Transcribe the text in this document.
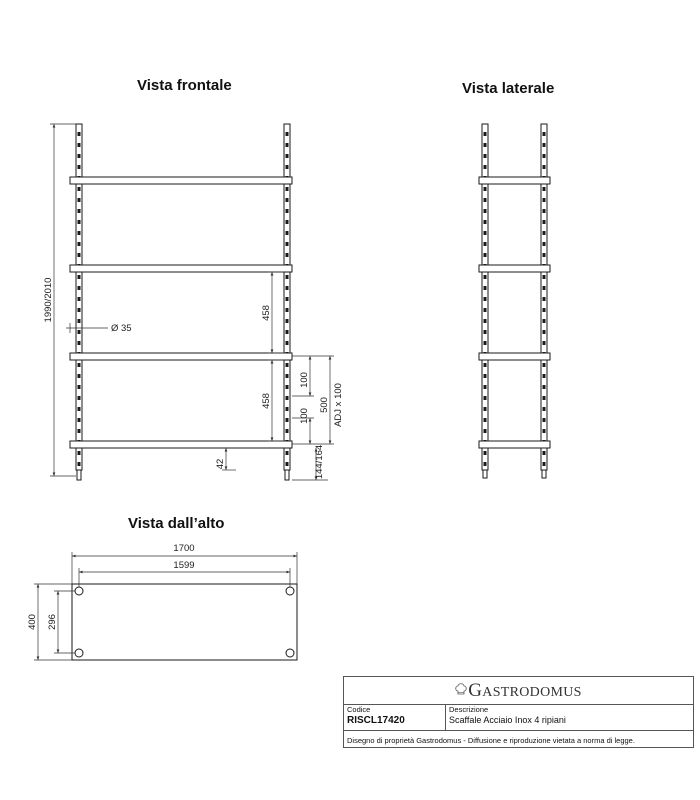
Vista frontale	Vista laterale
Vista dall’alto
1990/2010
Ø 35
458
458
42
100
100
500 ADJ x 100
144/164
1700
1599
400 296
GASTRODOMUS
Codice
RISCL17420
Descrizione
Scaffale Acciaio Inox 4 ripiani
Disegno di proprietà Gastrodomus - Diffusione e riproduzione vietata a norma di legge.
